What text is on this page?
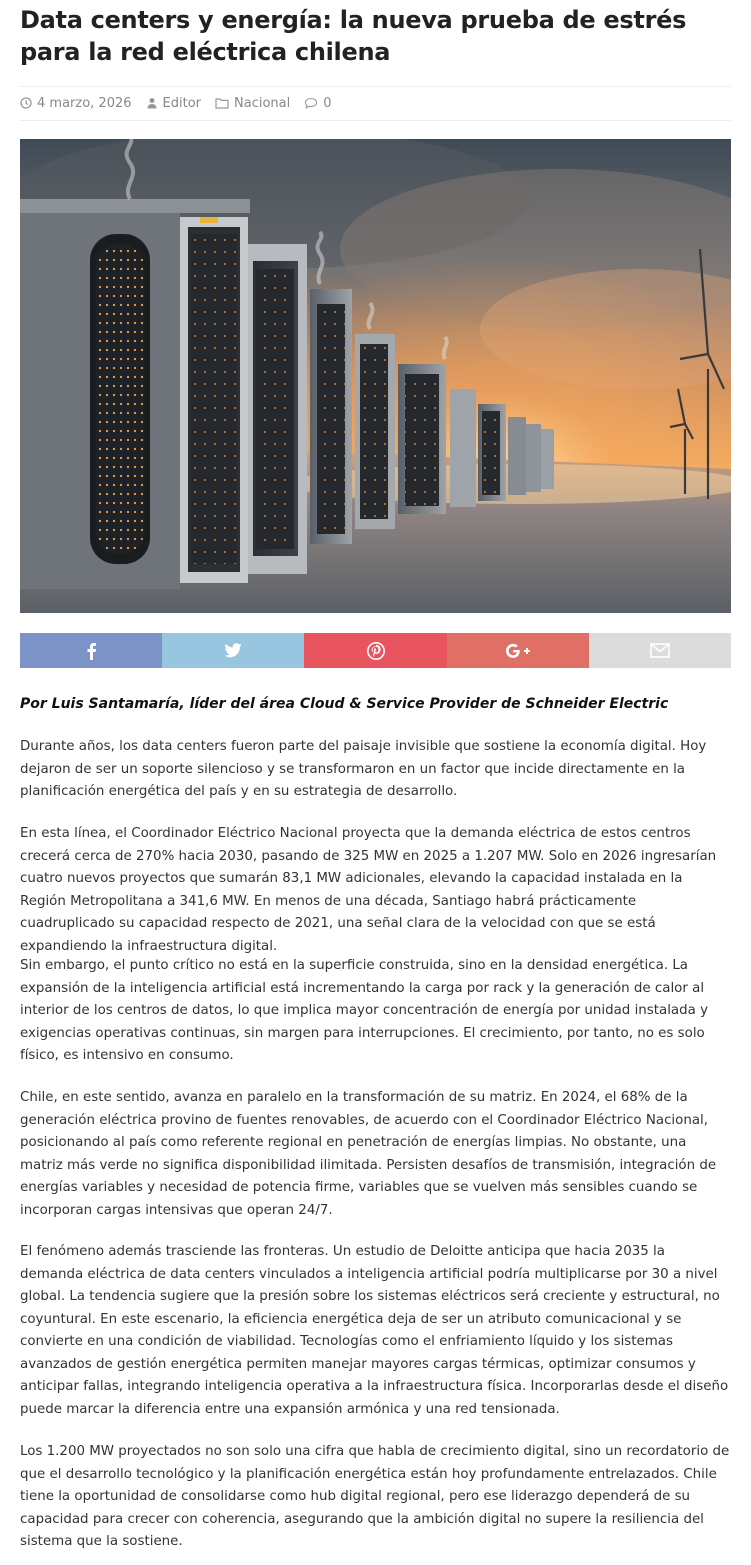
Data centers y energía: la nueva prueba de estrés para la red eléctrica chilena
4 marzo, 2026 Editor	Nacional	0
Por Luis Santamaría, líder del área Cloud & Service Provider de Schneider Electric

Durante años, los data centers fueron parte del paisaje invisible que sostiene la economía digital. Hoy dejaron de ser un soporte silencioso y se transformaron en un factor que incide directamente en la planificación energética del país y en su estrategia de desarrollo.

En esta línea, el Coordinador Eléctrico Nacional proyecta que la demanda eléctrica de estos centros crecerá cerca de 270% hacia 2030, pasando de 325 MW en 2025 a 1.207 MW. Solo en 2026 ingresarían cuatro nuevos proyectos que sumarán 83,1 MW adicionales, elevando la capacidad instalada en la Región Metropolitana a 341,6 MW. En menos de una década, Santiago habrá prácticamente cuadruplicado su capacidad respecto de 2021, una señal clara de la velocidad con que se está expandiendo la infraestructura digital.

Sin embargo, el punto crítico no está en la superficie construida, sino en la densidad energética. La expansión de la inteligencia artificial está incrementando la carga por rack y la generación de calor al interior de los centros de datos, lo que implica mayor concentración de energía por unidad instalada y exigencias operativas continuas, sin margen para interrupciones. El crecimiento, por tanto, no es solo físico, es intensivo en consumo.

Chile, en este sentido, avanza en paralelo en la transformación de su matriz. En 2024, el 68% de la generación eléctrica provino de fuentes renovables, de acuerdo con el Coordinador Eléctrico Nacional, posicionando al país como referente regional en penetración de energías limpias. No obstante, una matriz más verde no significa disponibilidad ilimitada. Persisten desafíos de transmisión, integración de energías variables y necesidad de potencia firme, variables que se vuelven más sensibles cuando se incorporan cargas intensivas que operan 24/7.

El fenómeno además trasciende las fronteras. Un estudio de Deloitte anticipa que hacia 2035 la demanda eléctrica de data centers vinculados a inteligencia artificial podría multiplicarse por 30 a nivel global. La tendencia sugiere que la presión sobre los sistemas eléctricos será creciente y estructural, no coyuntural. En este escenario, la eficiencia energética deja de ser un atributo comunicacional y se convierte en una condición de viabilidad. Tecnologías como el enfriamiento líquido y los sistemas avanzados de gestión energética permiten manejar mayores cargas térmicas, optimizar consumos y anticipar fallas, integrando inteligencia operativa a la infraestructura física. Incorporarlas desde el diseño puede marcar la diferencia entre una expansión armónica y una red tensionada.

Los 1.200 MW proyectados no son solo una cifra que habla de crecimiento digital, sino un recordatorio de que el desarrollo tecnológico y la planificación energética están hoy profundamente entrelazados. Chile tiene la oportunidad de consolidarse como hub digital regional, pero ese liderazgo dependerá de su capacidad para crecer con coherencia, asegurando que la ambición digital no supere la resiliencia del sistema que la sostiene.
